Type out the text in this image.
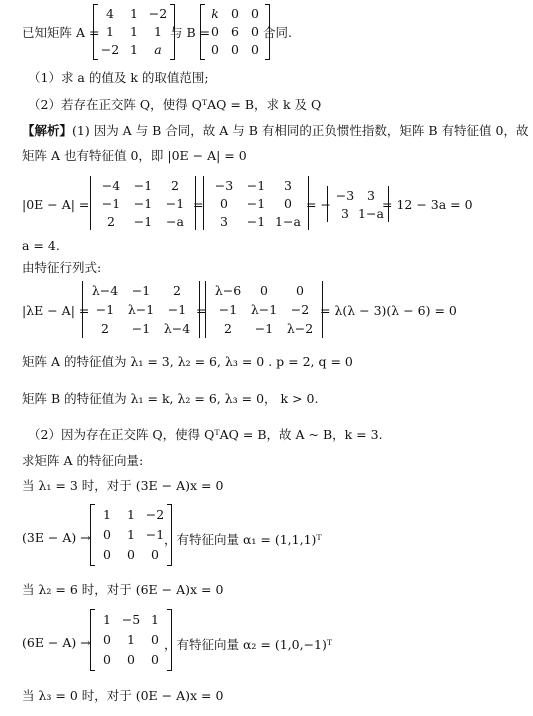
已知矩阵 A =
4	1 −2
1	1	1
−2 1	a
与 B =
k 0 0
0 6 0
0 0 0
合同.
（1）求 a 的值及 k 的取值范围;
（2）若存在正交阵 Q，使得 QᵀAQ = B，求 k 及 Q
【解析】(1) 因为 A 与 B 合同，故 A 与 B 有相同的正负惯性指数，矩阵 B 有特征值 0，故
矩阵 A 也有特征值 0，即 |0E − A| = 0
|0E − A| =
−4	−1	2
−1	−1	−1
2	−1	−a
=
−3	−1	3
0	−1	0
3	−1 1−a
= −
−3	3
3 1−a
= 12 − 3a = 0
a = 4.
由特征行列式:
|λE − A| =
λ−4	−1	2
−1	λ−1	−1
2	−1	λ−4
=
λ−6	0	0
−1	λ−1	−2
2	−1	λ−2
= λ(λ − 3)(λ − 6) = 0
矩阵 A 的特征值为 λ₁ = 3, λ₂ = 6, λ₃ = 0 . p = 2, q = 0
矩阵 B 的特征值为 λ₁ = k, λ₂ = 6, λ₃ = 0， k > 0.
（2）因为存在正交阵 Q，使得 QᵀAQ = B，故 A ~ B，k = 3.
求矩阵 A 的特征向量:
当 λ₁ = 3 时，对于 (3E − A)x = 0
(3E − A) →
1	1 −2
0	1 −1
0	0	0
，有特征向量 α₁ = (1,1,1)ᵀ
当 λ₂ = 6 时，对于 (6E − A)x = 0
(6E − A) →
1 −5 1
0	1	0
0	0	0
，有特征向量 α₂ = (1,0,−1)ᵀ
当 λ₃ = 0 时，对于 (0E − A)x = 0
